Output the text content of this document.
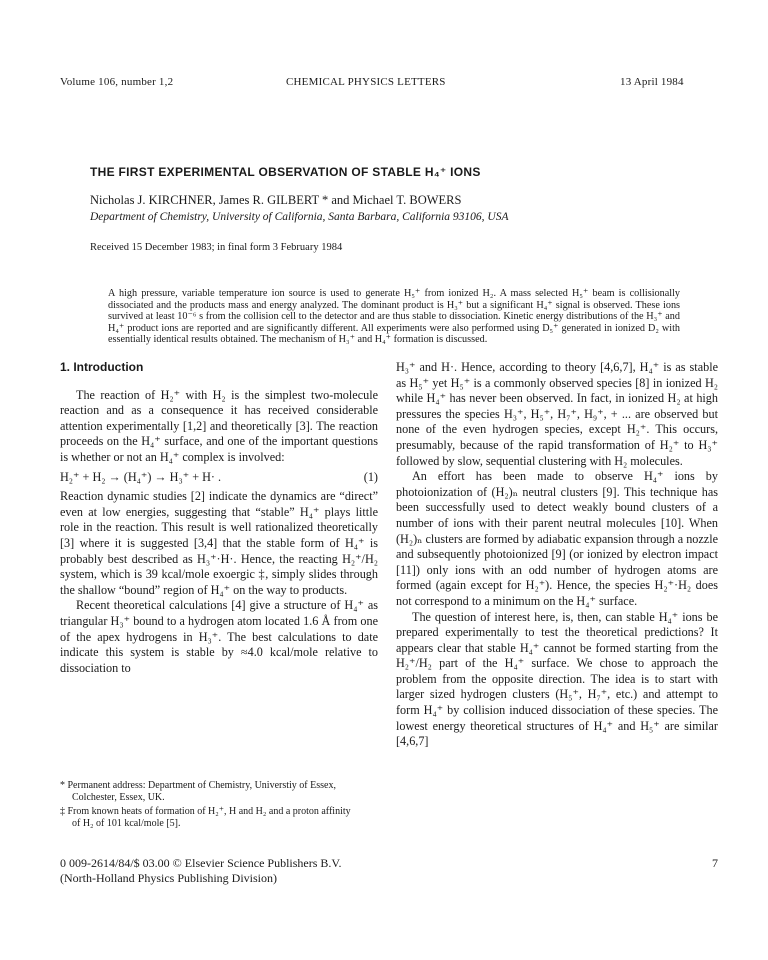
Volume 106, number 1,2	CHEMICAL PHYSICS LETTERS	13 April 1984
THE FIRST EXPERIMENTAL OBSERVATION OF STABLE H₄⁺ IONS
Nicholas J. KIRCHNER, James R. GILBERT * and Michael T. BOWERS
Department of Chemistry, University of California, Santa Barbara, California 93106, USA
Received 15 December 1983; in final form 3 February 1984
A high pressure, variable temperature ion source is used to generate H₅⁺ from ionized H₂. A mass selected H₅⁺ beam is collisionally dissociated and the products mass and energy analyzed. The dominant product is H₃⁺ but a significant H₄⁺ signal is observed. These ions survived at least 10⁻⁶ s from the collision cell to the detector and are thus stable to dissociation. Kinetic energy distributions of the H₃⁺ and H₄⁺ product ions are reported and are significantly different. All experiments were also performed using D₅⁺ generated in ionized D₂ with essentially identical results obtained. The mechanism of H₃⁺ and H₄⁺ formation is discussed.

1. Introduction

The reaction of H₂⁺ with H₂ is the simplest two-molecule reaction and as a consequence it has received considerable attention experimentally [1,2] and theoretically [3]. The reaction proceeds on the H₄⁺ surface, and one of the important questions is whether or not an H₄⁺ complex is involved:

H₂⁺ + H₂ → (H₄⁺) → H₃⁺ + H· .	(1)

Reaction dynamic studies [2] indicate the dynamics are “direct” even at low energies, suggesting that “stable” H₄⁺ plays little role in the reaction. This result is well rationalized theoretically [3] where it is suggested [3,4] that the stable form of H₄⁺ is probably best described as H₃⁺·H·. Hence, the reacting H₂⁺/H₂ system, which is 39 kcal/mole exoergic ‡, simply slides through the shallow “bound” region of H₄⁺ on the way to products.

Recent theoretical calculations [4] give a structure of H₄⁺ as triangular H₃⁺ bound to a hydrogen atom located 1.6 Å from one of the apex hydrogens in H₃⁺. The best calculations to date indicate this system is stable by ≈4.0 kcal/mole relative to dissociation to

H₃⁺ and H·. Hence, according to theory [4,6,7], H₄⁺ is as stable as H₅⁺ yet H₅⁺ is a commonly observed species [8] in ionized H₂ while H₄⁺ has never been observed. In fact, in ionized H₂ at high pressures the species H₃⁺, H₅⁺, H₇⁺, H₉⁺, + ... are observed but none of the even hydrogen species, except H₂⁺. This occurs, presumably, because of the rapid transformation of H₂⁺ to H₃⁺ followed by slow, sequential clustering with H₂ molecules.

An effort has been made to observe H₄⁺ ions by photoionization of (H₂)ₙ neutral clusters [9]. This technique has been successfully used to detect weakly bound clusters of a number of ions with their parent neutral molecules [10]. When (H₂)ₙ clusters are formed by adiabatic expansion through a nozzle and subsequently photoionized [9] (or ionized by electron impact [11]) only ions with an odd number of hydrogen atoms are formed (again except for H₂⁺). Hence, the species H₂⁺·H₂ does not correspond to a minimum on the H₄⁺ surface.

The question of interest here, is, then, can stable H₄⁺ ions be prepared experimentally to test the theoretical predictions? It appears clear that stable H₄⁺ cannot be formed starting from the H₂⁺/H₂ part of the H₄⁺ surface. We chose to approach the problem from the opposite direction. The idea is to start with larger sized hydrogen clusters (H₅⁺, H₇⁺, etc.) and attempt to form H₄⁺ by collision induced dissociation of these species. The lowest energy theoretical structures of H₄⁺ and H₅⁺ are similar [4,6,7]

* Permanent address: Department of Chemistry, Universtiy of Essex, Colchester, Essex, UK.

‡ From known heats of formation of H₂⁺, H and H₂ and a proton affinity of H₂ of 101 kcal/mole [5].

0 009-2614/84/$ 03.00 © Elsevier Science Publishers B.V.
(North-Holland Physics Publishing Division)
7
